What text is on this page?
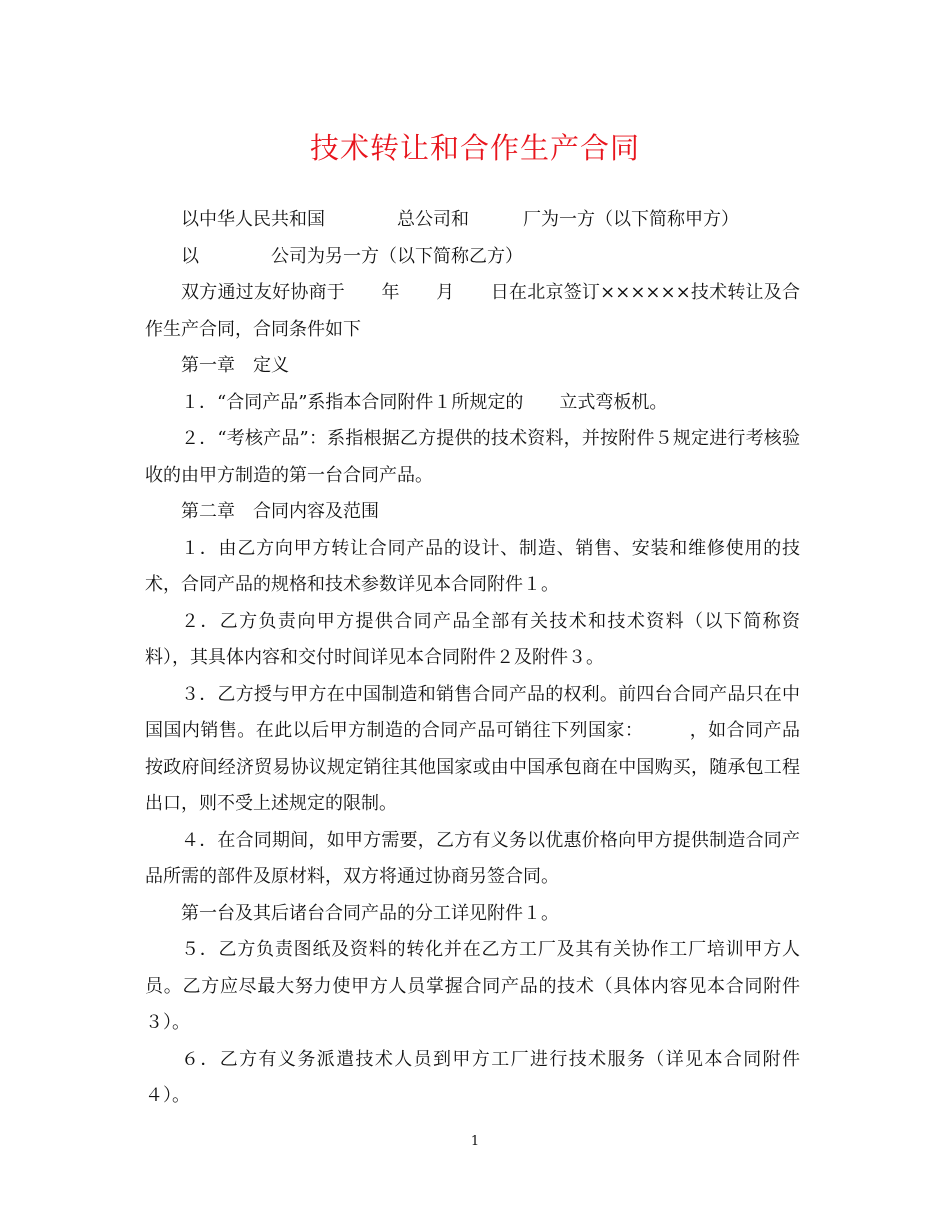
技术转让和合作生产合同

以中华人民共和国　　　　总公司和　　　厂为一方（以下简称甲方）

以　　　　公司为另一方（以下简称乙方）

双方通过友好协商于　　年　　月　　日在北京签订××××××技术转让及合作生产合同，合同条件如下

第一章　定义

１．“合同产品”系指本合同附件１所规定的　　立式弯板机。

２．“考核产品”：系指根据乙方提供的技术资料，并按附件５规定进行考核验收的由甲方制造的第一台合同产品。

第二章　合同内容及范围

１．由乙方向甲方转让合同产品的设计、制造、销售、安装和维修使用的技术，合同产品的规格和技术参数详见本合同附件１。

２．乙方负责向甲方提供合同产品全部有关技术和技术资料（以下简称资料），其具体内容和交付时间详见本合同附件２及附件３。

３．乙方授与甲方在中国制造和销售合同产品的权利。前四台合同产品只在中国国内销售。在此以后甲方制造的合同产品可销往下列国家：　　　，如合同产品按政府间经济贸易协议规定销往其他国家或由中国承包商在中国购买，随承包工程出口，则不受上述规定的限制。

４．在合同期间，如甲方需要，乙方有义务以优惠价格向甲方提供制造合同产品所需的部件及原材料，双方将通过协商另签合同。

第一台及其后诸台合同产品的分工详见附件１。

５．乙方负责图纸及资料的转化并在乙方工厂及其有关协作工厂培训甲方人员。乙方应尽最大努力使甲方人员掌握合同产品的技术（具体内容见本合同附件３）。

６．乙方有义务派遣技术人员到甲方工厂进行技术服务（详见本合同附件４）。

1
